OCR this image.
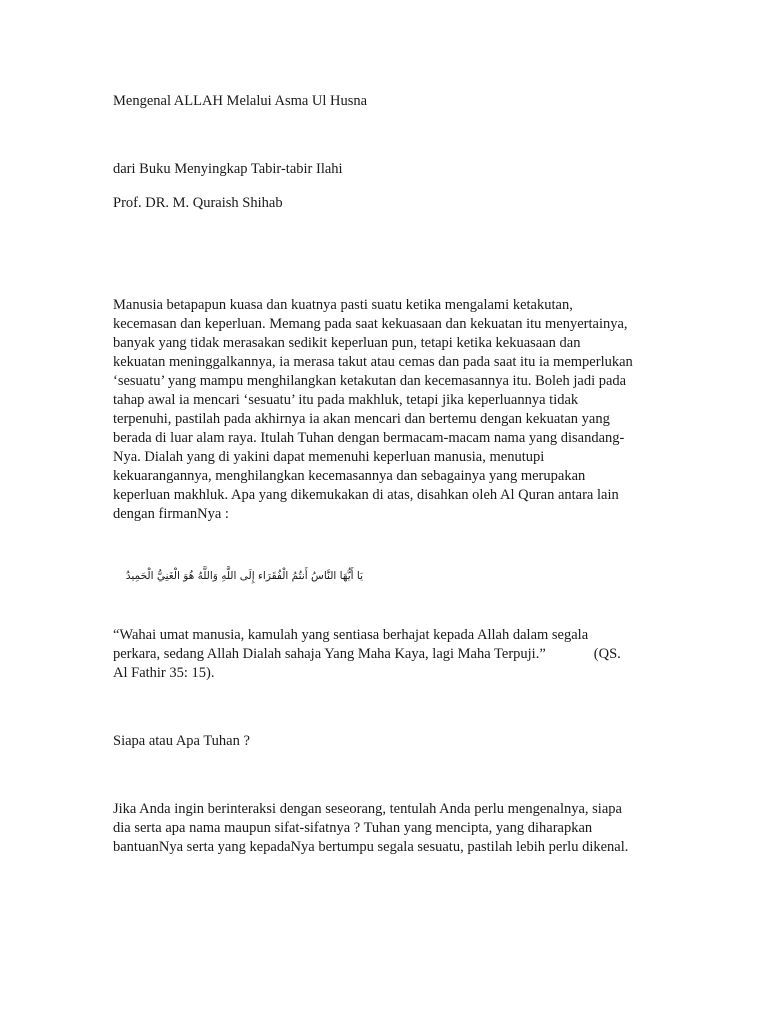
Mengenal ALLAH Melalui Asma Ul Husna

dari Buku Menyingkap Tabir-tabir Ilahi

Prof. DR. M. Quraish Shihab

Manusia betapapun kuasa dan kuatnya pasti suatu ketika mengalami ketakutan,
kecemasan dan keperluan. Memang pada saat kekuasaan dan kekuatan itu menyertainya,
banyak yang tidak merasakan sedikit keperluan pun, tetapi ketika kekuasaan dan
kekuatan meninggalkannya, ia merasa takut atau cemas dan pada saat itu ia memperlukan
‘sesuatu’ yang mampu menghilangkan ketakutan dan kecemasannya itu. Boleh jadi pada
tahap awal ia mencari ‘sesuatu’ itu pada makhluk, tetapi jika keperluannya tidak
terpenuhi, pastilah pada akhirnya ia akan mencari dan bertemu dengan kekuatan yang
berada di luar alam raya. Itulah Tuhan dengan bermacam-macam nama yang disandang-
Nya. Dialah yang di yakini dapat memenuhi keperluan manusia, menutupi
kekuarangannya, menghilangkan kecemasannya dan sebagainya yang merupakan
keperluan makhluk. Apa yang dikemukakan di atas, disahkan oleh Al Quran antara lain
dengan firmanNya :

يَا أَيُّهَا النَّاسُ أَنتُمُ الْفُقَرَاء إِلَى اللَّهِ وَاللَّهُ هُوَ الْغَنِيُّ الْحَمِيدُ

“Wahai umat manusia, kamulah yang sentiasa berhajat kepada Allah dalam segala
perkara, sedang Allah Dialah sahaja Yang Maha Kaya, lagi Maha Terpuji.”	(QS.
Al Fathir 35: 15).

Siapa atau Apa Tuhan ?

Jika Anda ingin berinteraksi dengan seseorang, tentulah Anda perlu mengenalnya, siapa
dia serta apa nama maupun sifat-sifatnya ? Tuhan yang mencipta, yang diharapkan
bantuanNya serta yang kepadaNya bertumpu segala sesuatu, pastilah lebih perlu dikenal.
